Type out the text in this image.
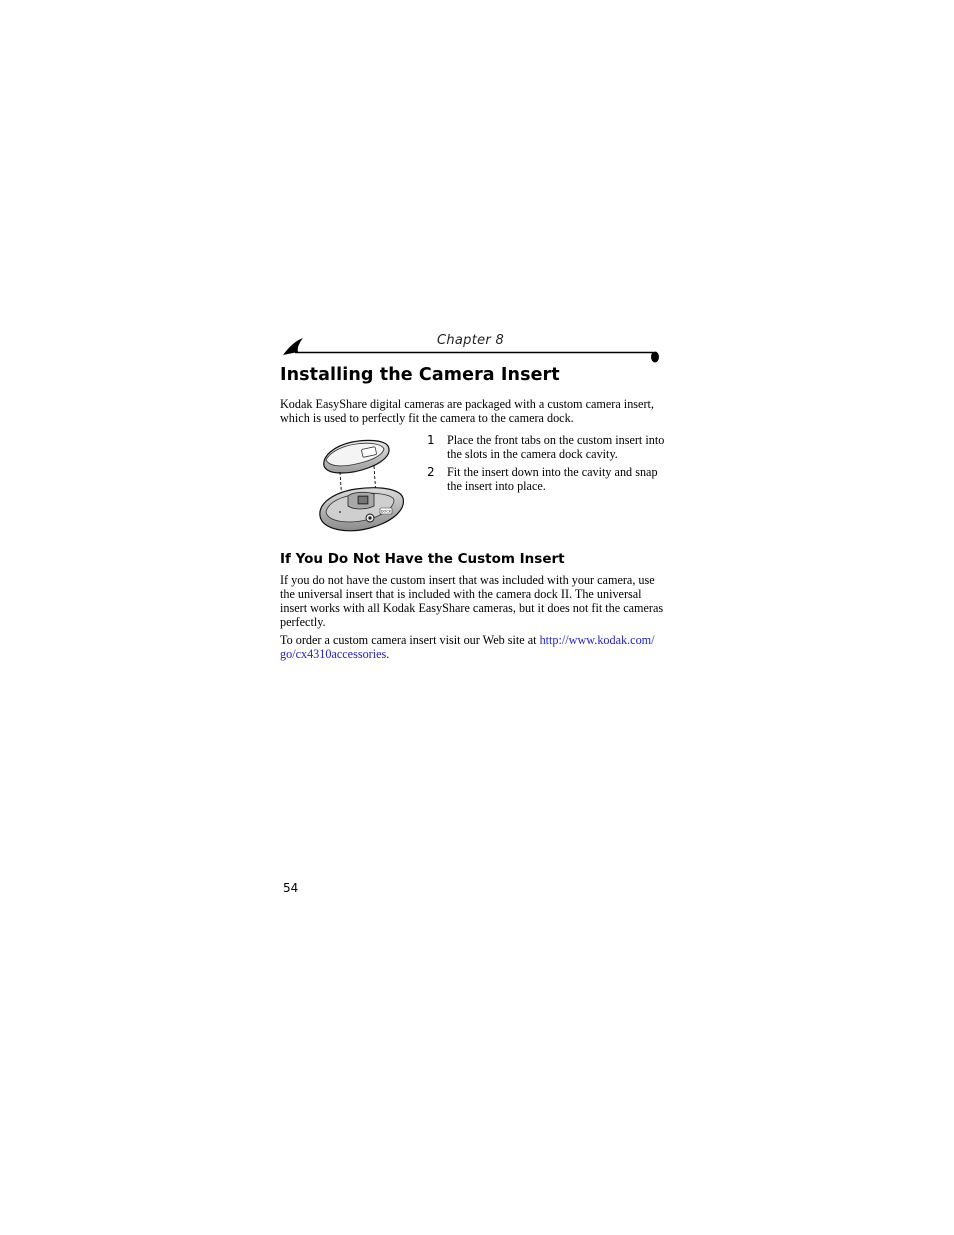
Chapter 8
Installing the Camera Insert

Kodak EasyShare digital cameras are packaged with a custom camera insert, which is used to perfectly fit the camera to the camera dock.

DOCK
1 Place the front tabs on the custom insert into the slots in the camera dock cavity.
2 Fit the insert down into the cavity and snap the insert into place.
If You Do Not Have the Custom Insert

If you do not have the custom insert that was included with your camera, use the universal insert that is included with the camera dock II. The universal insert works with all Kodak EasyShare cameras, but it does not fit the cameras perfectly.

To order a custom camera insert visit our Web site at http://www.kodak.com/ go/cx4310accessories.

54
